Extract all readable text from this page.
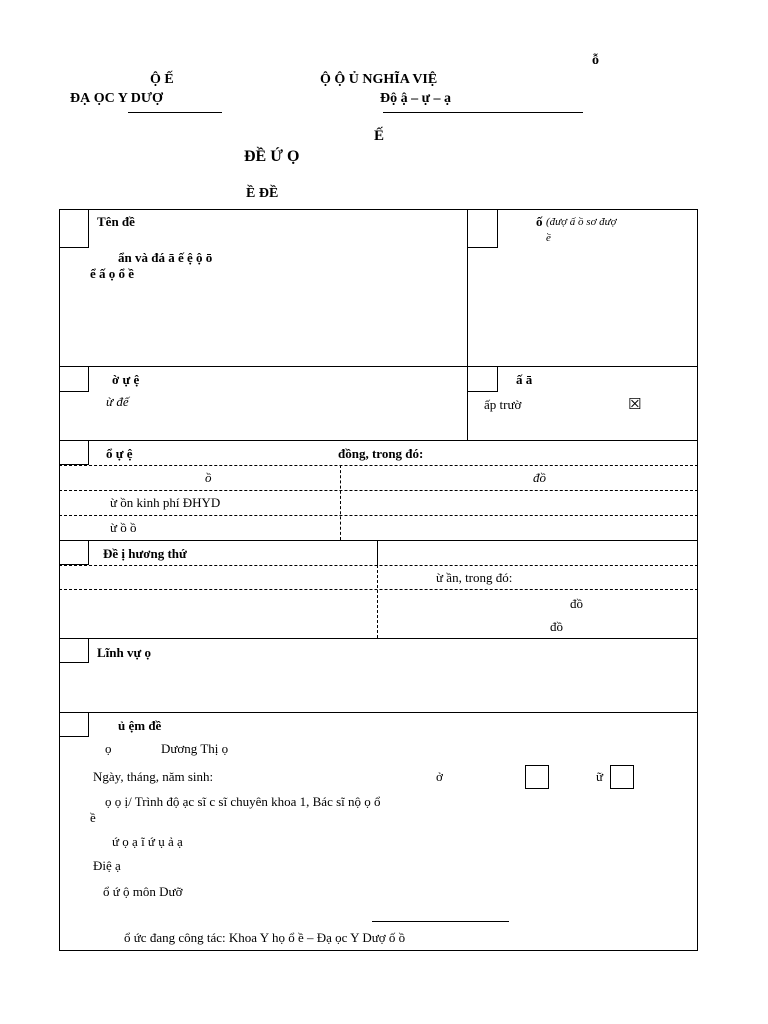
Ộ Ế
ĐẠ ỌC Y DƯỢ
ỗ
Ộ Ộ Ủ NGHĨA VIỆ
Độ ậ – ự – ạ
Ế
ĐỀ Ứ Ọ
Ề ĐỀ
Tên đề
ẩn và đá ā ế ệ ộ ō
ể ấ ọ ổ ề
ố (đượ ấ ồ sơ đượ
ề
ờ ự ệ
ừ đế
ấ ā
ấp trườ	☒
ổ ự ệ	đồng, trong đó:
ồ	đồ
ừ ồn kinh phí ĐHYD
ừ ồ ồ
Đề ị hương thứ
ừ ần, trong đó:
đồ
đồ
Lĩnh vự ọ
ủ ệm đề
ọ	Dương Thị ọ
Ngày, tháng, năm sinh:	ở	ữ
ọ ọ ị/ Trình độ ạc sĩ c sĩ chuyên khoa 1, Bác sĩ nộ ọ ổ
ề
ứ ọ ạ ĩ ứ ụ ả ạ
Điệ ạ
ổ ứ ộ môn Dưỡ
ổ ức đang công tác: Khoa Y họ ổ ề – Đạ ọc Y Dượ ố ồ
